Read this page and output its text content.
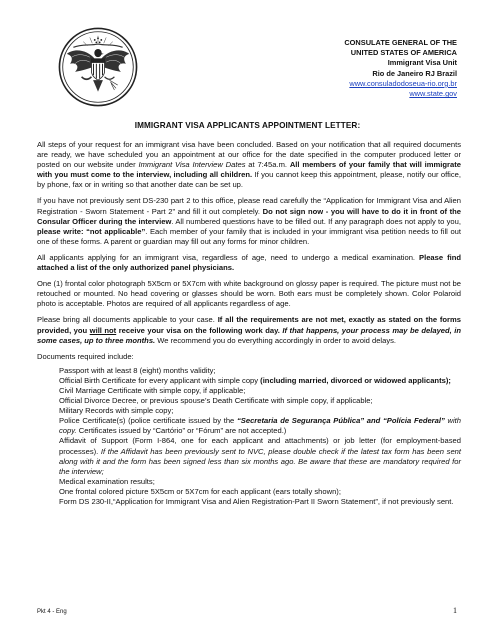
CONSULATE GENERAL OF THE
UNITED STATES OF AMERICA
Immigrant Visa Unit
Rio de Janeiro RJ Brazil
www.consuladodoseua-rio.org.br
www.state.gov
IMMIGRANT VISA APPLICANTS APPOINTMENT LETTER:

All steps of your request for an immigrant visa have been concluded. Based on your notification that all required documents are ready, we have scheduled you an appointment at our office for the date specified in the computer produced letter or posted on our website under Immigrant Visa Interview Dates at 7:45a.m. All members of your family that will immigrate with you must come to the interview, including all children. If you cannot keep this appointment, please, notify our office, by phone, fax or in writing so that another date can be set up.

If you have not previously sent DS-230 part 2 to this office, please read carefully the “Application for Immigrant Visa and Alien Registration - Sworn Statement - Part 2” and fill it out completely. Do not sign now - you will have to do it in front of the Consular Officer during the interview. All numbered questions have to be filled out. If any paragraph does not apply to you, please write: “not applicable”. Each member of your family that is included in your immigrant visa petition needs to fill out one of these forms. A parent or guardian may fill out any forms for minor children.

All applicants applying for an immigrant visa, regardless of age, need to undergo a medical examination. Please find attached a list of the only authorized panel physicians.

One (1) frontal color photograph 5X5cm or 5X7cm with white background on glossy paper is required. The picture must not be retouched or mounted. No head covering or glasses should be worn. Both ears must be completely shown. Color Polaroid photo is acceptable. Photos are required of all applicants regardless of age.

Please bring all documents applicable to your case. If all the requirements are not met, exactly as stated on the forms provided, you will not receive your visa on the following work day. If that happens, your process may be delayed, in some cases, up to three months. We recommend you do everything accordingly in order to avoid delays.

Documents required include:

Passport with at least 8 (eight) months validity;
Official Birth Certificate for every applicant with simple copy (including married, divorced or widowed applicants);
Civil Marriage Certificate with simple copy, if applicable;
Official Divorce Decree, or previous spouse’s Death Certificate with simple copy, if applicable;
Military Records with simple copy;
Police Certificate(s) (police certificate issued by the “Secretaria de Segurança Pública” and “Polícia Federal” with copy. Certificates issued by “Cartório” or “Fórum” are not accepted.)
Affidavit of Support (Form I-864, one for each applicant and attachments) or job letter (for employment-based processes). If the Affidavit has been previously sent to NVC, please double check if the latest tax form has been sent along with it and the form has been signed less than six months ago. Be aware that these are mandatory required for the interview;
Medical examination results;
One frontal colored picture 5X5cm or 5X7cm for each applicant (ears totally shown);
Form DS 230-II,“Application for Immigrant Visa and Alien Registration-Part II Sworn Statement”, if not previously sent.
Pkt 4 - Eng	1
